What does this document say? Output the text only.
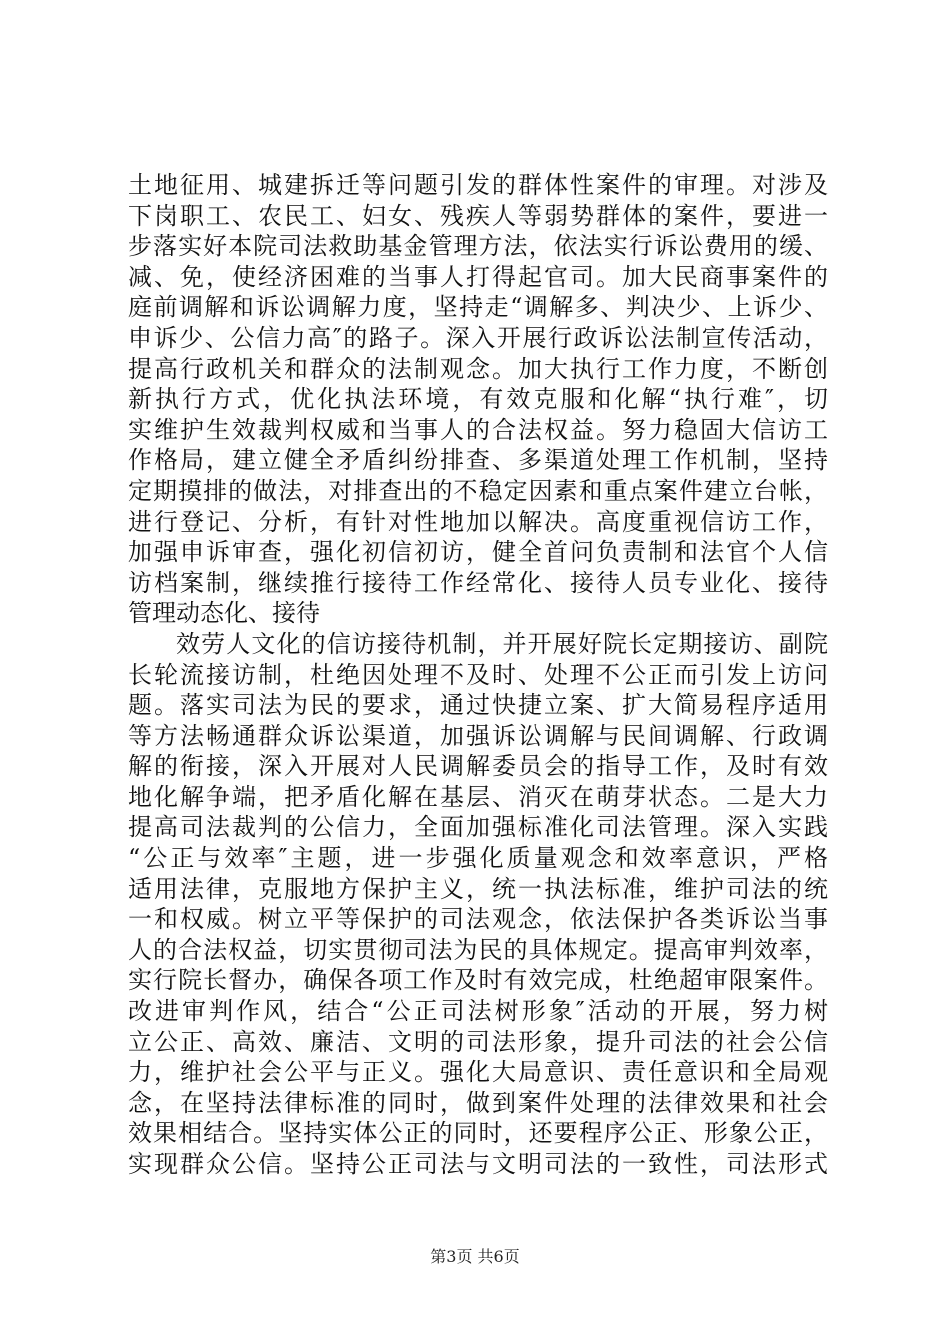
土地征用、城建拆迁等问题引发的群体性案件的审理。对涉及
下岗职工、农民工、妇女、残疾人等弱势群体的案件，要进一
步落实好本院司法救助基金管理方法，依法实行诉讼费用的缓、
减、免，使经济困难的当事人打得起官司。加大民商事案件的
庭前调解和诉讼调解力度，坚持走“调解多、判决少、上诉少、
申诉少、公信力高″的路子。深入开展行政诉讼法制宣传活动，
提高行政机关和群众的法制观念。加大执行工作力度，不断创
新执行方式，优化执法环境，有效克服和化解“执行难″，切
实维护生效裁判权威和当事人的合法权益。努力稳固大信访工
作格局，建立健全矛盾纠纷排查、多渠道处理工作机制，坚持
定期摸排的做法，对排查出的不稳定因素和重点案件建立台帐，
进行登记、分析，有针对性地加以解决。高度重视信访工作，
加强申诉审查，强化初信初访，健全首问负责制和法官个人信
访档案制，继续推行接待工作经常化、接待人员专业化、接待
管理动态化、接待
效劳人文化的信访接待机制，并开展好院长定期接访、副院
长轮流接访制，杜绝因处理不及时、处理不公正而引发上访问
题。落实司法为民的要求，通过快捷立案、扩大简易程序适用
等方法畅通群众诉讼渠道，加强诉讼调解与民间调解、行政调
解的衔接，深入开展对人民调解委员会的指导工作，及时有效
地化解争端，把矛盾化解在基层、消灭在萌芽状态。二是大力
提高司法裁判的公信力，全面加强标准化司法管理。深入实践
“公正与效率″主题，进一步强化质量观念和效率意识，严格
适用法律，克服地方保护主义，统一执法标准，维护司法的统
一和权威。树立平等保护的司法观念，依法保护各类诉讼当事
人的合法权益，切实贯彻司法为民的具体规定。提高审判效率，
实行院长督办，确保各项工作及时有效完成，杜绝超审限案件。
改进审判作风，结合“公正司法树形象″活动的开展，努力树
立公正、高效、廉洁、文明的司法形象，提升司法的社会公信
力，维护社会公平与正义。强化大局意识、责任意识和全局观
念，在坚持法律标准的同时，做到案件处理的法律效果和社会
效果相结合。坚持实体公正的同时，还要程序公正、形象公正，
实现群众公信。坚持公正司法与文明司法的一致性，司法形式
第3页 共6页
